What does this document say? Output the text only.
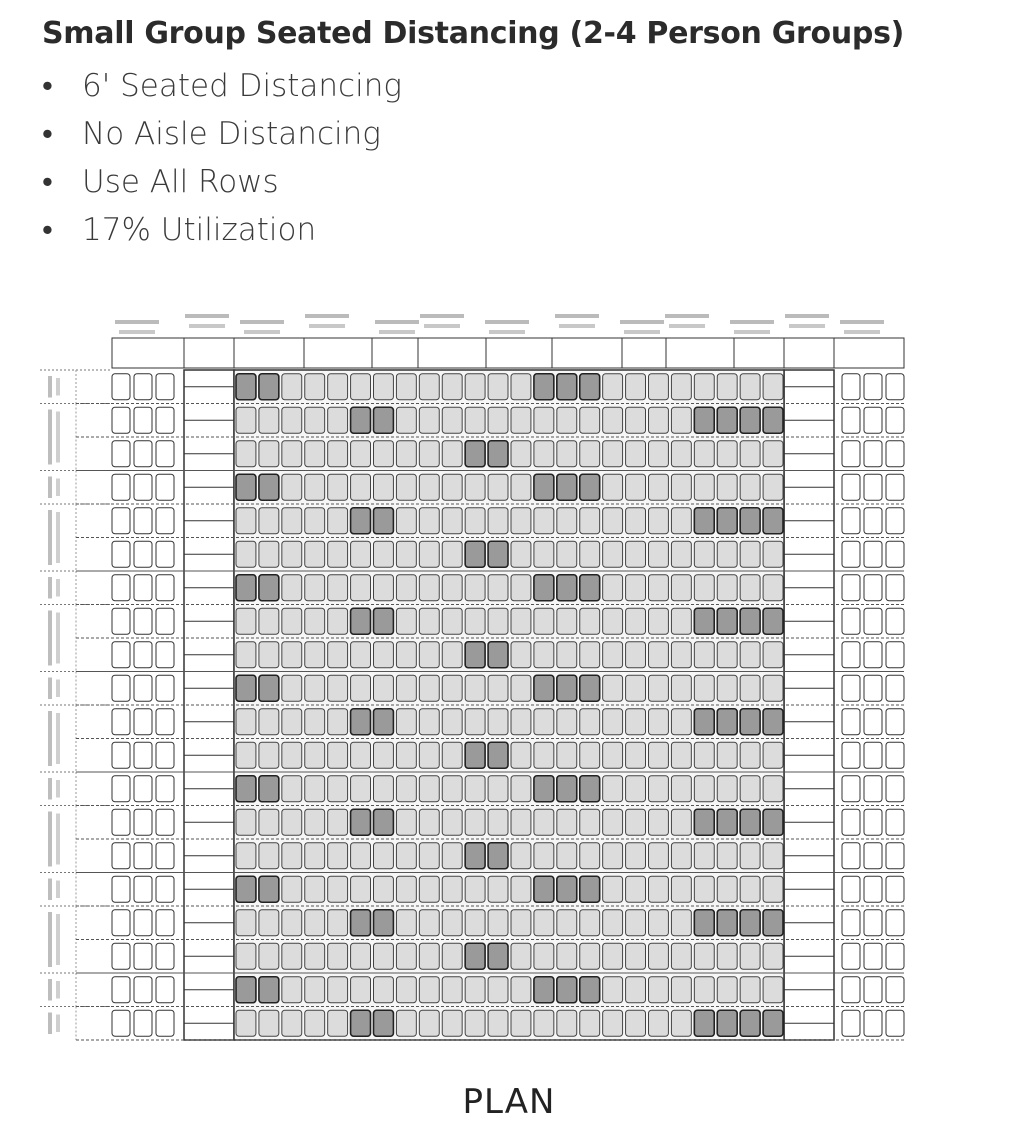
Small Group Seated Distancing (2-4 Person Groups)
• 6' Seated Distancing
• No Aisle Distancing
• Use All Rows
• 17% Utilization
PLAN
